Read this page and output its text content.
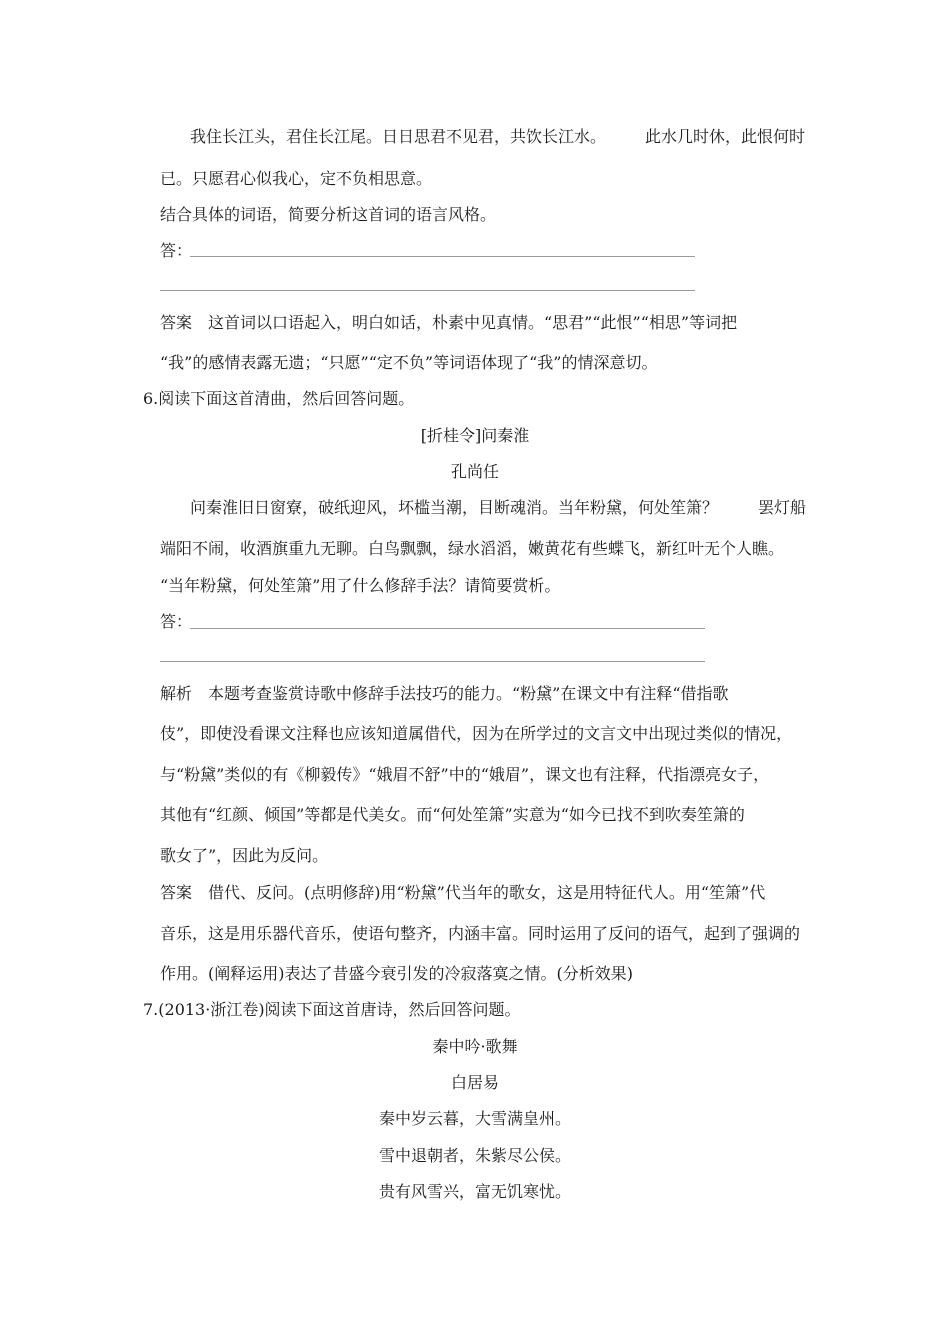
我住长江头，君住长江尾。日日思君不见君，共饮长江水。 此水几时休，此恨何时
已。只愿君心似我心，定不负相思意。
结合具体的词语，简要分析这首词的语言风格。
答：
答案　这首词以口语起入，明白如话，朴素中见真情。“思君”“此恨”“相思”等词把
“我”的感情表露无遗；“只愿”“定不负”等词语体现了“我”的情深意切。
6.阅读下面这首清曲，然后回答问题。
[折桂令]问秦淮
孔尚任
问秦淮旧日窗寮，破纸迎风，坏槛当潮，目断魂消。当年粉黛，何处笙箫？ 罢灯船
端阳不闹，收酒旗重九无聊。白鸟飘飘，绿水滔滔，嫩黄花有些蝶飞，新红叶无个人瞧。
“当年粉黛，何处笙箫”用了什么修辞手法？请简要赏析。
答：
解析　本题考查鉴赏诗歌中修辞手法技巧的能力。“粉黛”在课文中有注释“借指歌
伎”，即使没看课文注释也应该知道属借代，因为在所学过的文言文中出现过类似的情况，
与“粉黛”类似的有《柳毅传》“娥眉不舒”中的“娥眉”，课文也有注释，代指漂亮女子，
其他有“红颜、倾国”等都是代美女。而“何处笙箫”实意为“如今已找不到吹奏笙箫的
歌女了”，因此为反问。
答案　借代、反问。(点明修辞)用“粉黛”代当年的歌女，这是用特征代人。用“笙箫”代
音乐，这是用乐器代音乐，使语句整齐，内涵丰富。同时运用了反问的语气，起到了强调的
作用。(阐释运用)表达了昔盛今衰引发的冷寂落寞之情。(分析效果)
7.(2013·浙江卷)阅读下面这首唐诗，然后回答问题。
秦中吟·歌舞
白居易
秦中岁云暮，大雪满皇州。
雪中退朝者，朱紫尽公侯。
贵有风雪兴，富无饥寒忧。
